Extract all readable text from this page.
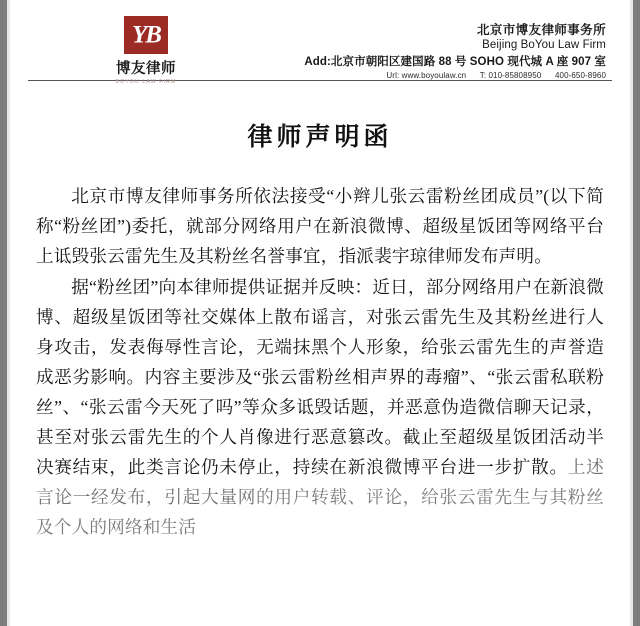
YB
博友律师
BOYOU LAW FIRM
北京市博友律师事务所
Beijing BoYou Law Firm
Add:北京市朝阳区建国路 88 号 SOHO 现代城 A 座 907 室
Url: www.boyoulaw.cn T: 010-85808950 400-650-8960
律师声明函

北京市博友律师事务所依法接受“小辫儿张云雷粉丝团成员”(以下简称“粉丝团”)委托，就部分网络用户在新浪微博、超级星饭团等网络平台上诋毁张云雷先生及其粉丝名誉事宜，指派裴宇琼律师发布声明。

据“粉丝团”向本律师提供证据并反映：近日，部分网络用户在新浪微博、超级星饭团等社交媒体上散布谣言，对张云雷先生及其粉丝进行人身攻击，发表侮辱性言论，无端抹黑个人形象，给张云雷先生的声誉造成恶劣影响。内容主要涉及“张云雷粉丝相声界的毒瘤”、“张云雷私联粉丝”、“张云雷今天死了吗”等众多诋毁话题，并恶意伪造微信聊天记录，甚至对张云雷先生的个人肖像进行恶意篡改。截止至超级星饭团活动半决赛结束，此类言论仍未停止，持续在新浪微博平台进一步扩散。上述言论一经发布，引起大量网的用户转载、评论，给张云雷先生与其粉丝及个人的网络和生活
